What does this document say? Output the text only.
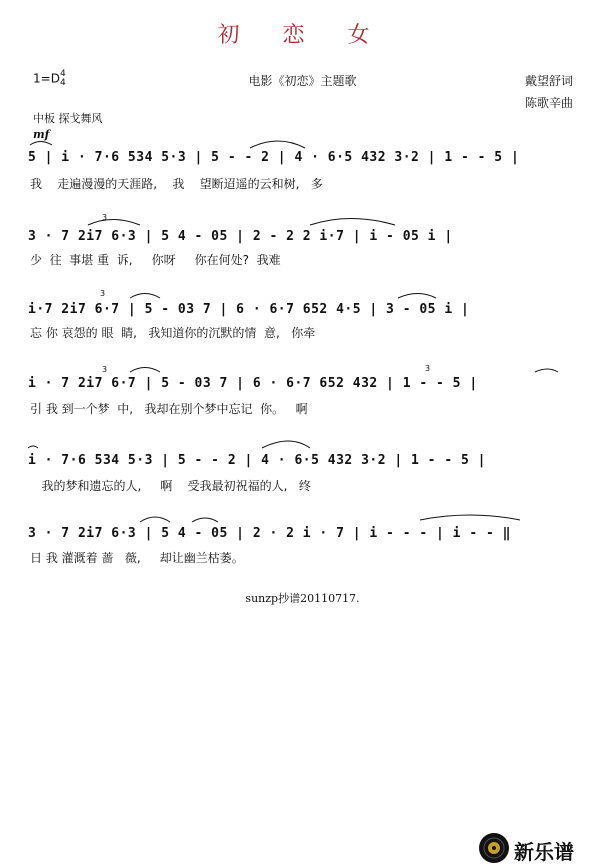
初 恋 女
1=D4
4	电影《初恋》主题歌	戴望舒词
陈歌辛曲
中板 探戈舞风
mf
5 | i · 7·6 534 5·3 | 5 - - 2 | 4 · 6·5 432 3·2 | 1 - - 5 |
我    走遍漫漫的天涯路,    我    望断迢遥的云和树,   多
3 · 7 2i7 6·3 | 5 4 - 05 | 2 - 2 2 i·7 | i - 05 i |
少  往  事堪 重  诉,     你呀     你在何处?  我难
i·7 2i7 6·7 | 5 - 03 7 | 6 · 6·7 652 4·5 | 3 - 05 i |
忘 你 哀怨的 眼  睛,   我知道你的沉默的情  意,   你牵
i · 7 2i7 6·7 | 5 - 03 7 | 6 · 6·7 652 432 | 1 - - 5 |
引 我 到一个梦  中,   我却在别个梦中忘记  你。   啊
i · 7·6 534 5·3 | 5 - - 2 | 4 · 6·5 432 3·2 | 1 - - 5 |
我的梦和遗忘的人,     啊    受我最初祝福的人,   终
3 · 7 2i7 6·3 | 5 4 - 05 | 2 · 2 i · 7 | i - - - | i - - ‖
日 我 灌溉着 蔷   薇,     却让幽兰枯萎。
3
3
3	3
sunzp抄谱20110717.
新乐谱
